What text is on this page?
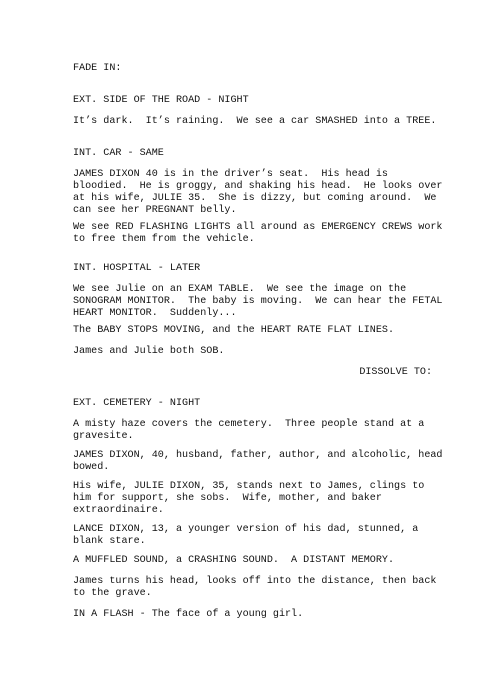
FADE IN:
EXT. SIDE OF THE ROAD - NIGHT
It’s dark.  It’s raining.  We see a car SMASHED into a TREE.
INT. CAR - SAME
JAMES DIXON 40 is in the driver’s seat.  His head is
bloodied.  He is groggy, and shaking his head.  He looks over
at his wife, JULIE 35.  She is dizzy, but coming around.  We
can see her PREGNANT belly.
We see RED FLASHING LIGHTS all around as EMERGENCY CREWS work
to free them from the vehicle.
INT. HOSPITAL - LATER
We see Julie on an EXAM TABLE.  We see the image on the
SONOGRAM MONITOR.  The baby is moving.  We can hear the FETAL
HEART MONITOR.  Suddenly...
The BABY STOPS MOVING, and the HEART RATE FLAT LINES.
James and Julie both SOB.
DISSOLVE TO:
EXT. CEMETERY - NIGHT
A misty haze covers the cemetery.  Three people stand at a
gravesite.
JAMES DIXON, 40, husband, father, author, and alcoholic, head
bowed.
His wife, JULIE DIXON, 35, stands next to James, clings to
him for support, she sobs.  Wife, mother, and baker
extraordinaire.
LANCE DIXON, 13, a younger version of his dad, stunned, a
blank stare.
A MUFFLED SOUND, a CRASHING SOUND.  A DISTANT MEMORY.
James turns his head, looks off into the distance, then back
to the grave.
IN A FLASH - The face of a young girl.
